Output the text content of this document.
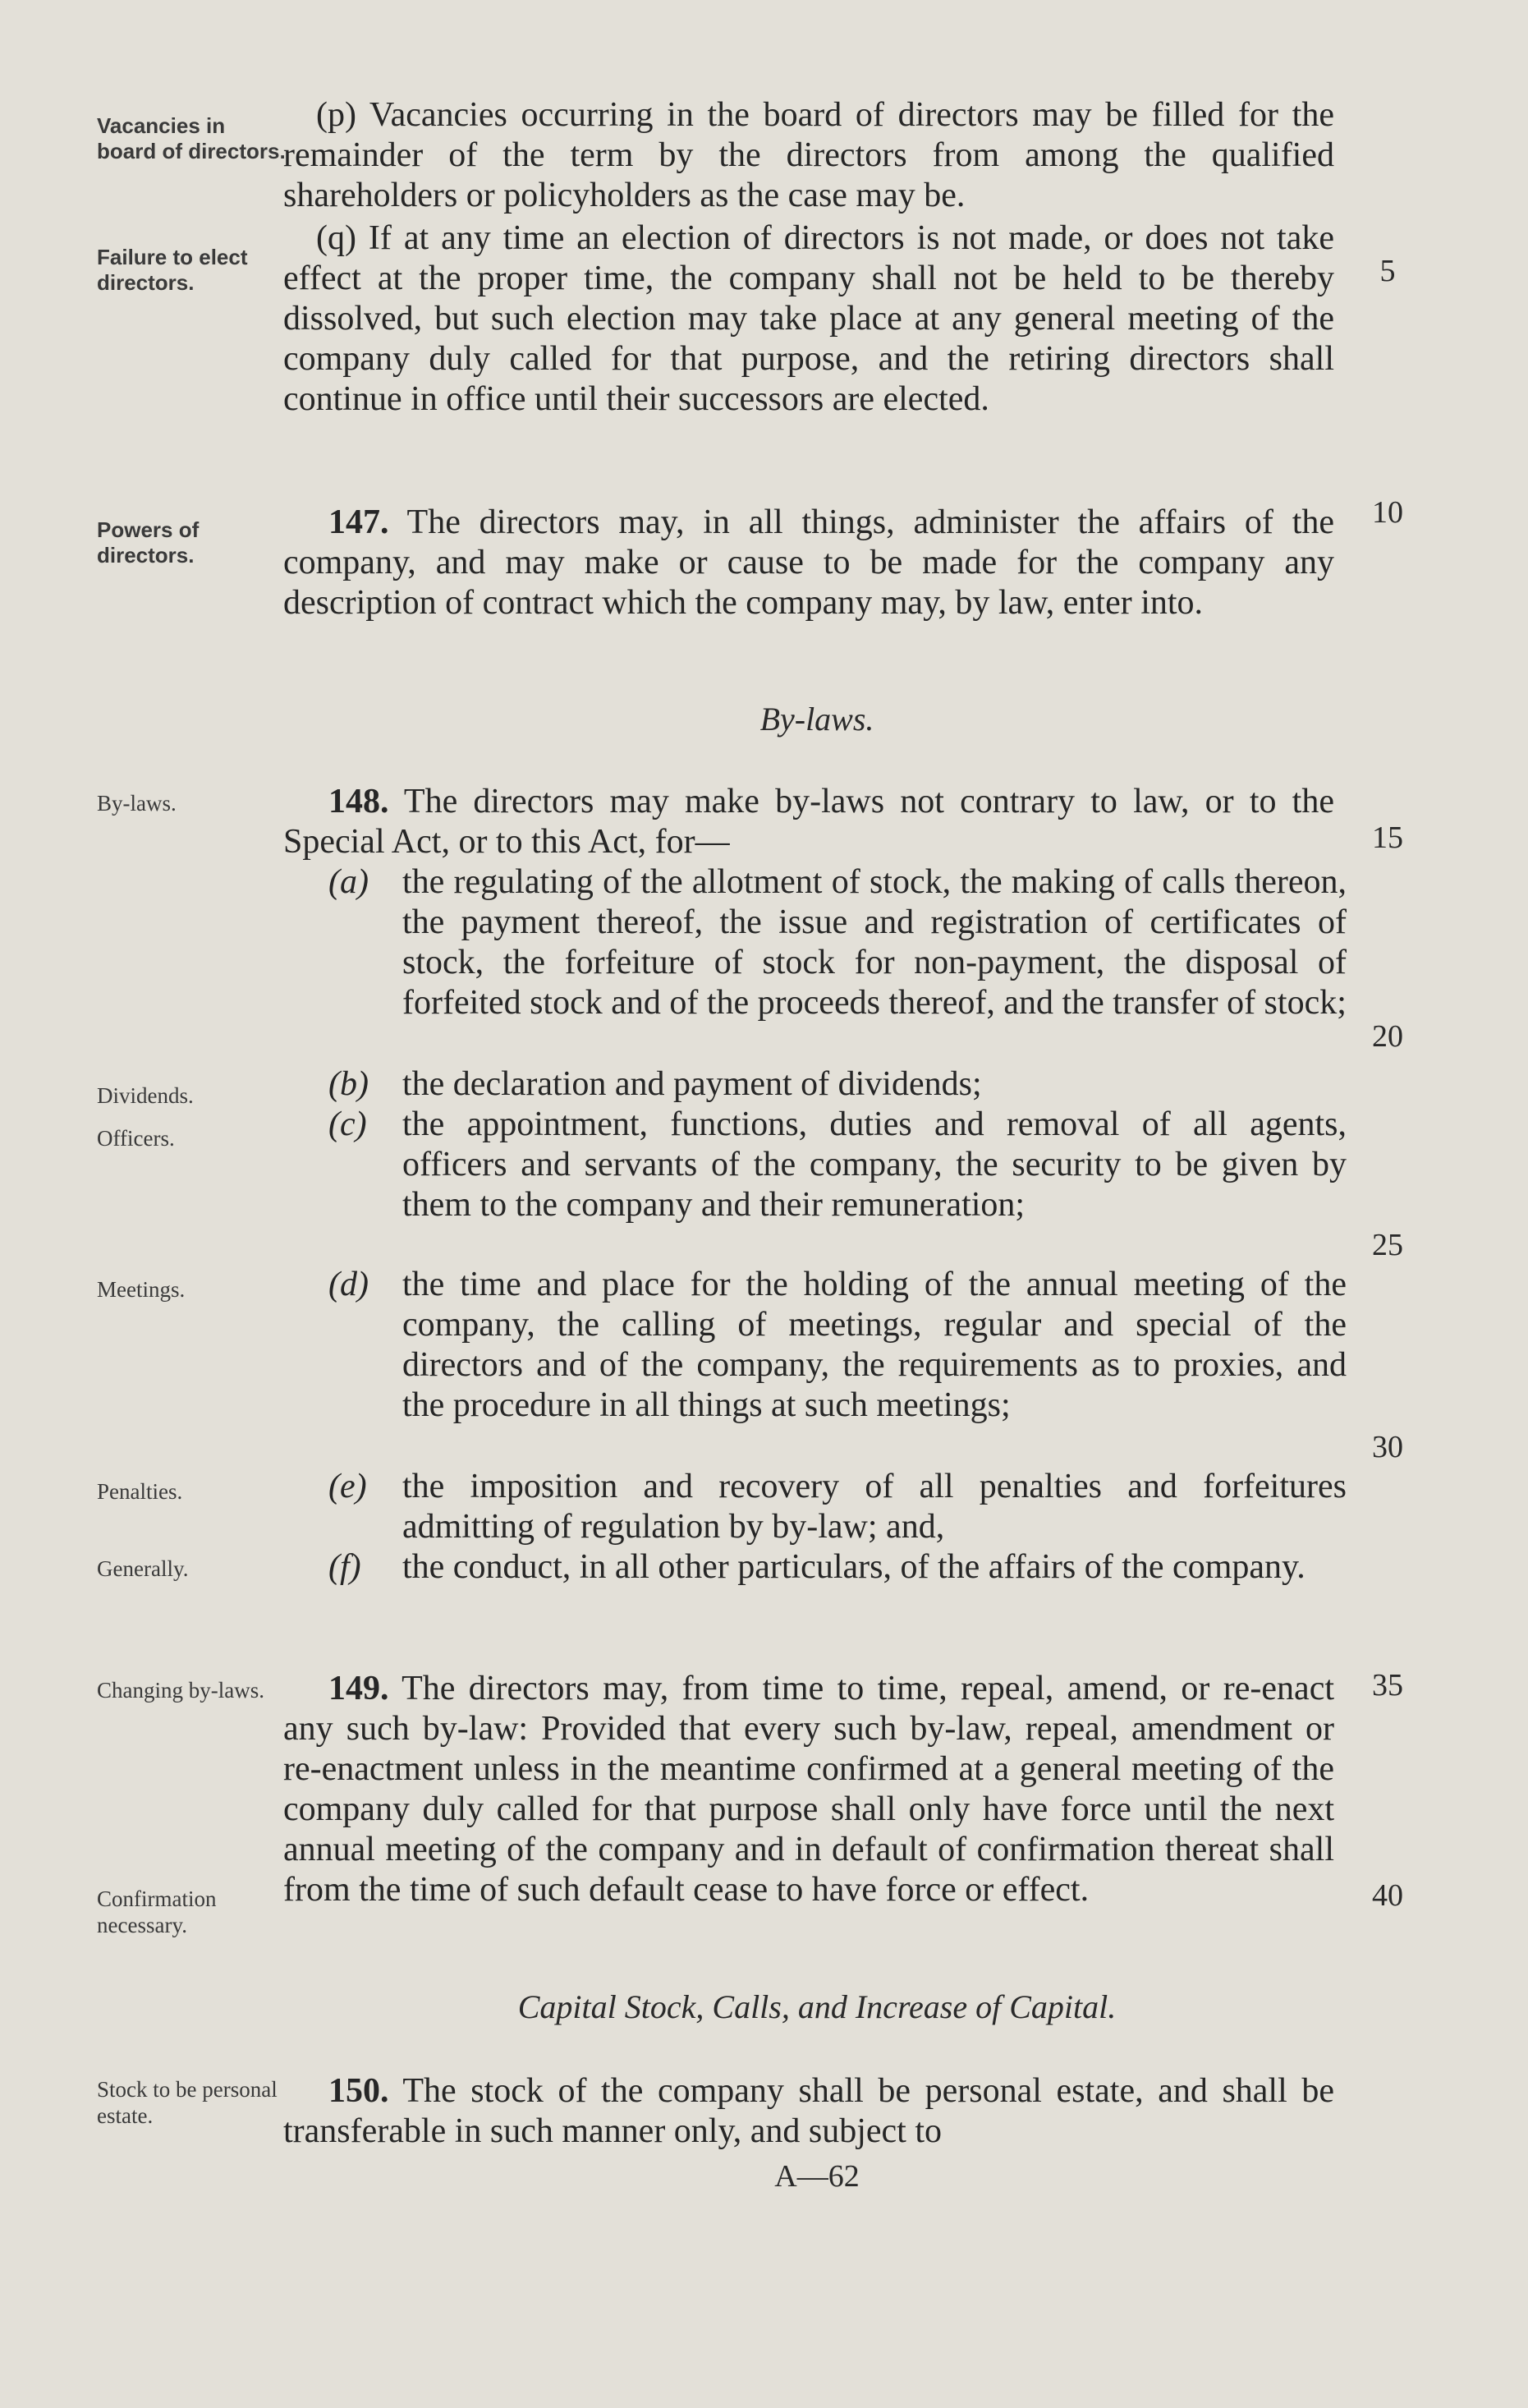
Vacancies in board of directors.
Failure to elect directors.
Powers of directors.
By-laws.
Dividends.
Officers.
Meetings.
Penalties.
Generally.
Changing by-laws.
Confirmation necessary.
Stock to be personal estate.
(p) Vacancies occurring in the board of directors may be filled for the remainder of the term by the directors from among the qualified shareholders or policyholders as the case may be.
(q) If at any time an election of directors is not made, or does not take effect at the proper time, the company shall not be held to be thereby dissolved, but such election may take place at any general meeting of the company duly called for that purpose, and the retiring directors shall continue in office until their successors are elected.
147. The directors may, in all things, administer the affairs of the company, and may make or cause to be made for the company any description of contract which the company may, by law, enter into.
By-laws.
148. The directors may make by-laws not contrary to law, or to the Special Act, or to this Act, for—
(a) the regulating of the allotment of stock, the making of calls thereon, the payment thereof, the issue and registration of certificates of stock, the forfeiture of stock for non-payment, the disposal of forfeited stock and of the proceeds thereof, and the transfer of stock;
(b) the declaration and payment of dividends;
(c) the appointment, functions, duties and removal of all agents, officers and servants of the company, the security to be given by them to the company and their remuneration;
(d) the time and place for the holding of the annual meeting of the company, the calling of meetings, regular and special of the directors and of the company, the requirements as to proxies, and the procedure in all things at such meetings;
(e) the imposition and recovery of all penalties and forfeitures admitting of regulation by by-law; and,
(f) the conduct, in all other particulars, of the affairs of the company.
149. The directors may, from time to time, repeal, amend, or re-enact any such by-law: Provided that every such by-law, repeal, amendment or re-enactment unless in the meantime confirmed at a general meeting of the company duly called for that purpose shall only have force until the next annual meeting of the company and in default of confirmation thereat shall from the time of such default cease to have force or effect.
Capital Stock, Calls, and Increase of Capital.
150. The stock of the company shall be personal estate, and shall be transferable in such manner only, and subject to
5
10
15
20
25
30
35
40
A—62
